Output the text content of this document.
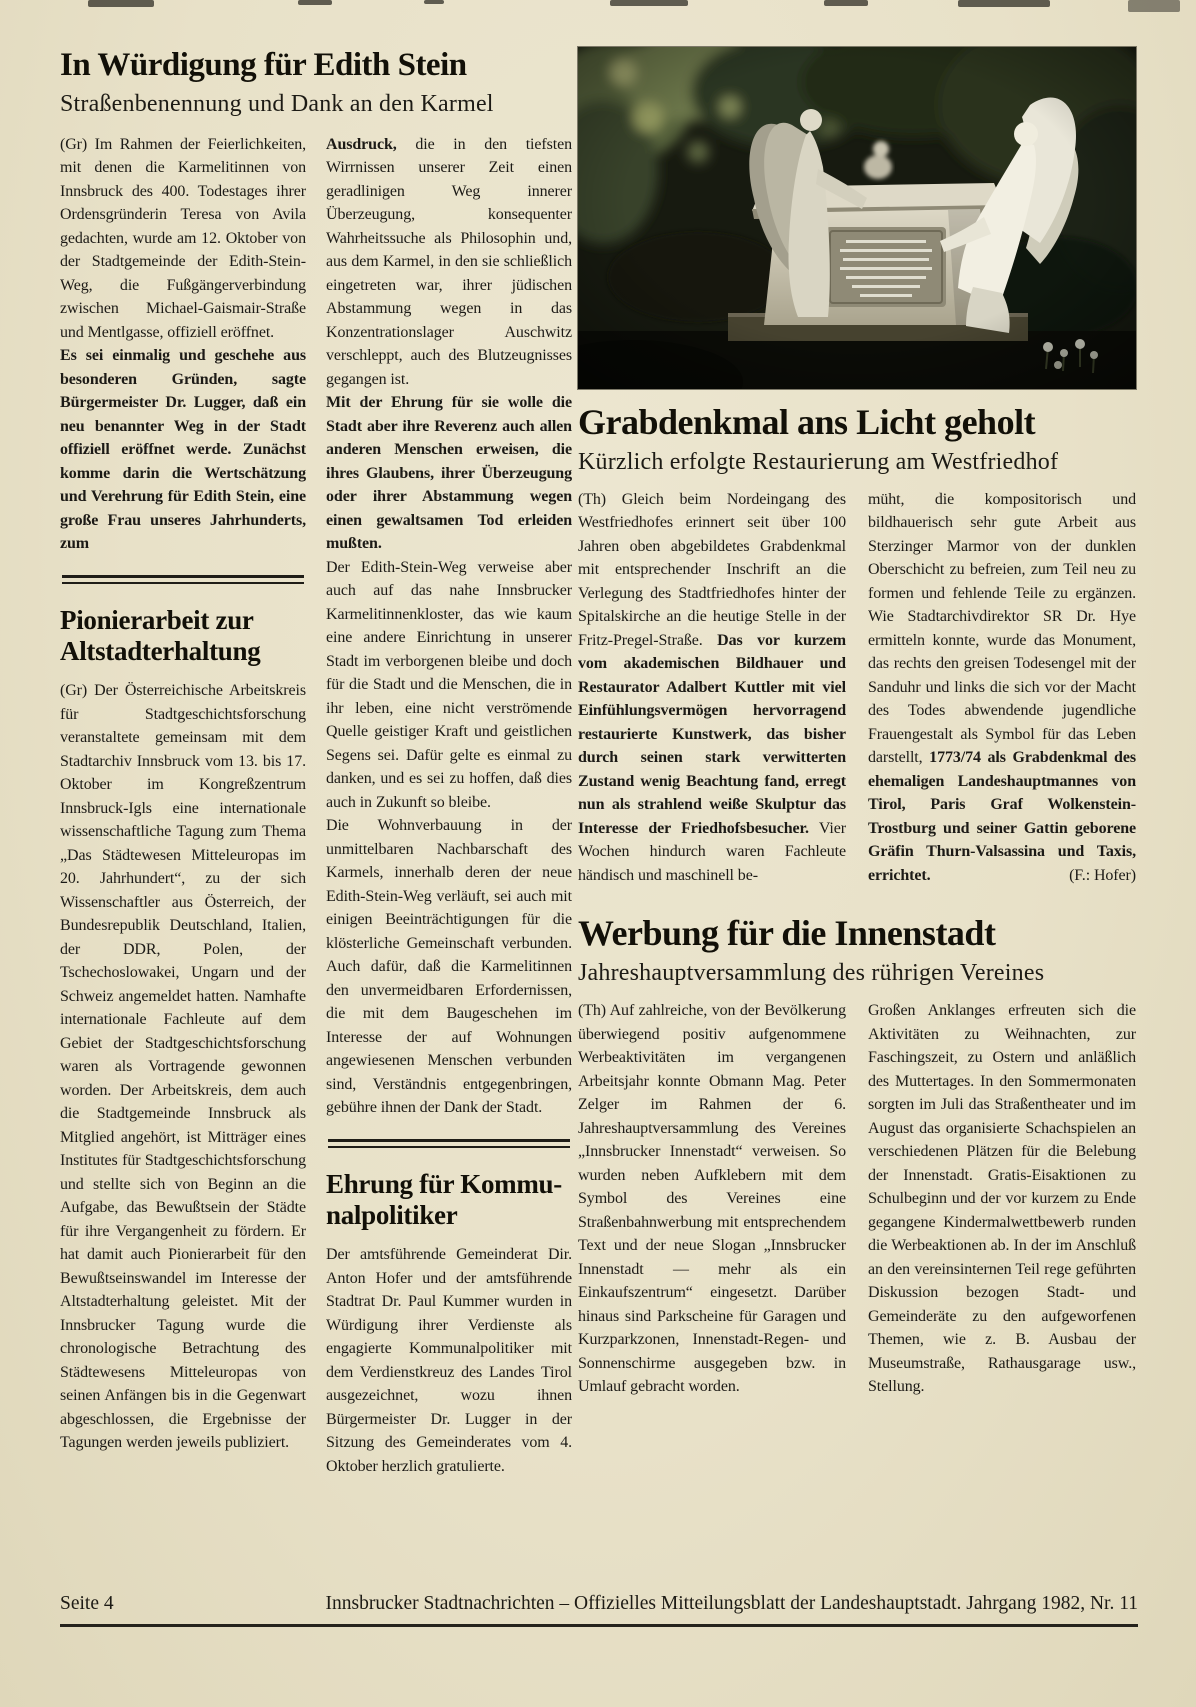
In Würdigung für Edith Stein
Straßenbenennung und Dank an den Karmel

(Gr) Im Rahmen der Feierlichkeiten, mit denen die Karmelitinnen von Innsbruck des 400. Todestages ihrer Ordensgründerin Teresa von Avila gedachten, wurde am 12. Oktober von der Stadtgemeinde der Edith-Stein-Weg, die Fußgängerverbindung zwischen Michael-Gaismair-Straße und Mentlgasse, offiziell eröffnet.

Es sei einmalig und geschehe aus besonderen Gründen, sagte Bürgermeister Dr. Lugger, daß ein neu benannter Weg in der Stadt offiziell eröffnet werde. Zunächst komme darin die Wertschätzung und Verehrung für Edith Stein, eine große Frau unseres Jahrhunderts, zum

Pionierarbeit zur
Altstadterhaltung

(Gr) Der Österreichische Arbeitskreis für Stadtgeschichtsforschung veranstaltete gemeinsam mit dem Stadtarchiv Innsbruck vom 13. bis 17. Oktober im Kongreßzentrum Innsbruck-Igls eine internationale wissenschaftliche Tagung zum Thema „Das Städtewesen Mitteleuropas im 20. Jahrhundert“, zu der sich Wissenschaftler aus Österreich, der Bundesrepublik Deutschland, Italien, der DDR, Polen, der Tschechoslowakei, Ungarn und der Schweiz angemeldet hatten. Namhafte internationale Fachleute auf dem Gebiet der Stadtgeschichtsforschung waren als Vortragende gewonnen worden. Der Arbeitskreis, dem auch die Stadtgemeinde Innsbruck als Mitglied angehört, ist Mitträger eines Institutes für Stadtgeschichtsforschung und stellte sich von Beginn an die Aufgabe, das Bewußtsein der Städte für ihre Vergangenheit zu fördern. Er hat damit auch Pionierarbeit für den Bewußtseinswandel im Interesse der Altstadterhaltung geleistet. Mit der Innsbrucker Tagung wurde die chronologische Betrachtung des Städtewesens Mitteleuropas von seinen Anfängen bis in die Gegenwart abgeschlossen, die Ergebnisse der Tagungen werden jeweils publiziert.

Ausdruck, die in den tiefsten Wirrnissen unserer Zeit einen geradlinigen Weg innerer Überzeugung, konsequenter Wahrheitssuche als Philosophin und, aus dem Karmel, in den sie schließlich eingetreten war, ihrer jüdischen Abstammung wegen in das Konzentrationslager Auschwitz verschleppt, auch des Blutzeugnisses gegangen ist.

Mit der Ehrung für sie wolle die Stadt aber ihre Reverenz auch allen anderen Menschen erweisen, die ihres Glaubens, ihrer Überzeugung oder ihrer Abstammung wegen einen gewaltsamen Tod erleiden mußten.

Der Edith-Stein-Weg verweise aber auch auf das nahe Innsbrucker Karmelitinnenkloster, das wie kaum eine andere Einrichtung in unserer Stadt im verborgenen bleibe und doch für die Stadt und die Menschen, die in ihr leben, eine nicht verströmende Quelle geistiger Kraft und geistlichen Segens sei. Dafür gelte es einmal zu danken, und es sei zu hoffen, daß dies auch in Zukunft so bleibe.

Die Wohnverbauung in der unmittelbaren Nachbarschaft des Karmels, innerhalb deren der neue Edith-Stein-Weg verläuft, sei auch mit einigen Beeinträchtigungen für die klösterliche Gemeinschaft verbunden. Auch dafür, daß die Karmelitinnen den unvermeidbaren Erfordernissen, die mit dem Baugeschehen im Interesse der auf Wohnungen angewiesenen Menschen verbunden sind, Verständnis entgegenbringen, gebühre ihnen der Dank der Stadt.

Ehrung für Kommu-
nalpolitiker

Der amtsführende Gemeinderat Dir. Anton Hofer und der amtsführende Stadtrat Dr. Paul Kummer wurden in Würdigung ihrer Verdienste als engagierte Kommunalpolitiker mit dem Verdienstkreuz des Landes Tirol ausgezeichnet, wozu ihnen Bürgermeister Dr. Lugger in der Sitzung des Gemeinderates vom 4. Oktober herzlich gratulierte.

Grabdenkmal ans Licht geholt
Kürzlich erfolgte Restaurierung am Westfriedhof

(Th) Gleich beim Nordeingang des Westfriedhofes erinnert seit über 100 Jahren oben abgebildetes Grabdenkmal mit entsprechender Inschrift an die Verlegung des Stadtfriedhofes hinter der Spitalskirche an die heutige Stelle in der Fritz-Pregel-Straße. Das vor kurzem vom akademischen Bildhauer und Restaurator Adalbert Kuttler mit viel Einfühlungsvermögen hervorragend restaurierte Kunstwerk, das bisher durch seinen stark verwitterten Zustand wenig Beachtung fand, erregt nun als strahlend weiße Skulptur das Interesse der Friedhofsbesucher. Vier Wochen hindurch waren Fachleute händisch und maschinell be-

müht, die kompositorisch und bildhauerisch sehr gute Arbeit aus Sterzinger Marmor von der dunklen Oberschicht zu befreien, zum Teil neu zu formen und fehlende Teile zu ergänzen. Wie Stadtarchivdirektor SR Dr. Hye ermitteln konnte, wurde das Monument, das rechts den greisen Todesengel mit der Sanduhr und links die sich vor der Macht des Todes abwendende jugendliche Frauengestalt als Symbol für das Leben darstellt, 1773/74 als Grabdenkmal des ehemaligen Landeshauptmannes von Tirol, Paris Graf Wolkenstein-Trostburg und seiner Gattin geborene Gräfin Thurn-Valsassina und Taxis, errichtet.	(F.: Hofer)

Werbung für die Innenstadt
Jahreshauptversammlung des rührigen Vereines

(Th) Auf zahlreiche, von der Bevölkerung überwiegend positiv aufgenommene Werbeaktivitäten im vergangenen Arbeitsjahr konnte Obmann Mag. Peter Zelger im Rahmen der 6. Jahreshauptversammlung des Vereines „Innsbrucker Innenstadt“ verweisen. So wurden neben Aufklebern mit dem Symbol des Vereines eine Straßenbahnwerbung mit entsprechendem Text und der neue Slogan „Innsbrucker Innenstadt — mehr als ein Einkaufszentrum“ eingesetzt. Darüber hinaus sind Parkscheine für Garagen und Kurzparkzonen, Innenstadt-Regen- und Sonnenschirme ausgegeben bzw. in Umlauf gebracht worden.

Großen Anklanges erfreuten sich die Aktivitäten zu Weihnachten, zur Faschingszeit, zu Ostern und anläßlich des Muttertages. In den Sommermonaten sorgten im Juli das Straßentheater und im August das organisierte Schachspielen an verschiedenen Plätzen für die Belebung der Innenstadt. Gratis-Eisaktionen zu Schulbeginn und der vor kurzem zu Ende gegangene Kindermalwettbewerb runden die Werbeaktionen ab. In der im Anschluß an den vereinsinternen Teil rege geführten Diskussion bezogen Stadt- und Gemeinderäte zu den aufgeworfenen Themen, wie z. B. Ausbau der Museumstraße, Rathausgarage usw., Stellung.

Seite 4	Innsbrucker Stadtnachrichten – Offizielles Mitteilungsblatt der Landeshauptstadt. Jahrgang 1982, Nr. 11
